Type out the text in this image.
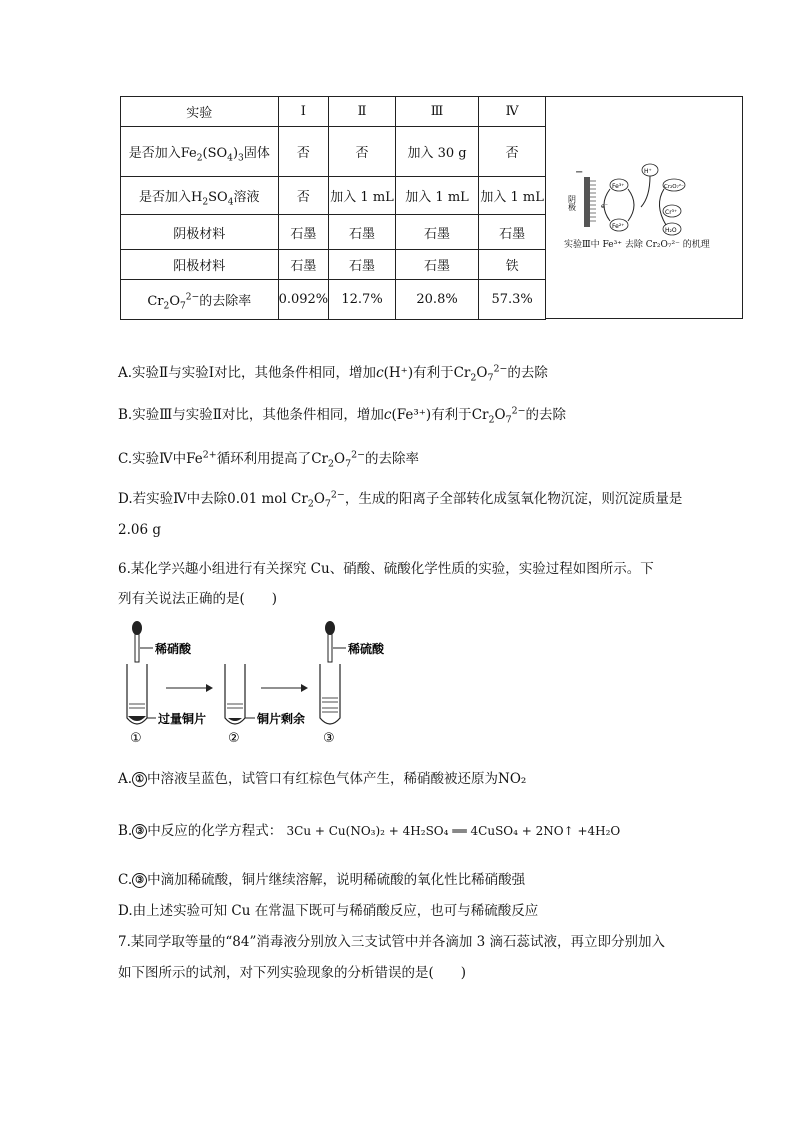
实验	Ⅰ	Ⅱ	Ⅲ	Ⅳ
是否加入$Fe_2(SO_4)_3$固体	否	否	加入 30 g	否
是否加入$H_2SO_4$溶液	否	加入 1 mL	加入 1 mL	加入 1 mL
阴极材料	石墨	石墨	石墨	石墨
阳极材料	石墨	石墨	石墨	铁
$Cr_2O_7^{2-}$的去除率	0.092%	12.7%	20.8%	57.3%
−
阴极
H⁺
Fe³⁺	Cr₂O₇²⁻
Fe²⁺
Cr³⁺
H₂O
e⁻
实验Ⅲ中 Fe³⁺ 去除 Cr₂O₇²⁻ 的机理
A.实验Ⅱ与实验Ⅰ对比，其他条件相同，增加c(H⁺)有利于$Cr_2O_7^{2-}$的去除
B.实验Ⅲ与实验Ⅱ对比，其他条件相同，增加c(Fe³⁺)有利于$Cr_2O_7^{2-}$的去除
C.实验Ⅳ中$Fe^{2+}$循环利用提高了$Cr_2O_7^{2-}$的去除率
D.若实验Ⅳ中去除0.01 mol $Cr_2O_7^{2-}$，生成的阳离子全部转化成氢氧化物沉淀，则沉淀质量是
2.06 g
6.某化学兴趣小组进行有关探究 Cu、硝酸、硫酸化学性质的实验，实验过程如图所示。下
列有关说法正确的是(　　)
稀硝酸
过量铜片
①
铜片剩余
②
稀硫酸
③
A. ① 中溶液呈蓝色，试管口有红棕色气体产生，稀硝酸被还原为NO₂
B. ③ 中反应的化学方程式： 3Cu + Cu(NO₃)₂ + 4H₂SO₄ ══ 4CuSO₄ + 2NO↑ +4H₂O
C. ③ 中滴加稀硫酸，铜片继续溶解，说明稀硫酸的氧化性比稀硝酸强
D.由上述实验可知 Cu 在常温下既可与稀硝酸反应，也可与稀硫酸反应
7.某同学取等量的“84”消毒液分别放入三支试管中并各滴加 3 滴石蕊试液，再立即分别加入
如下图所示的试剂，对下列实验现象的分析错误的是(　　)
